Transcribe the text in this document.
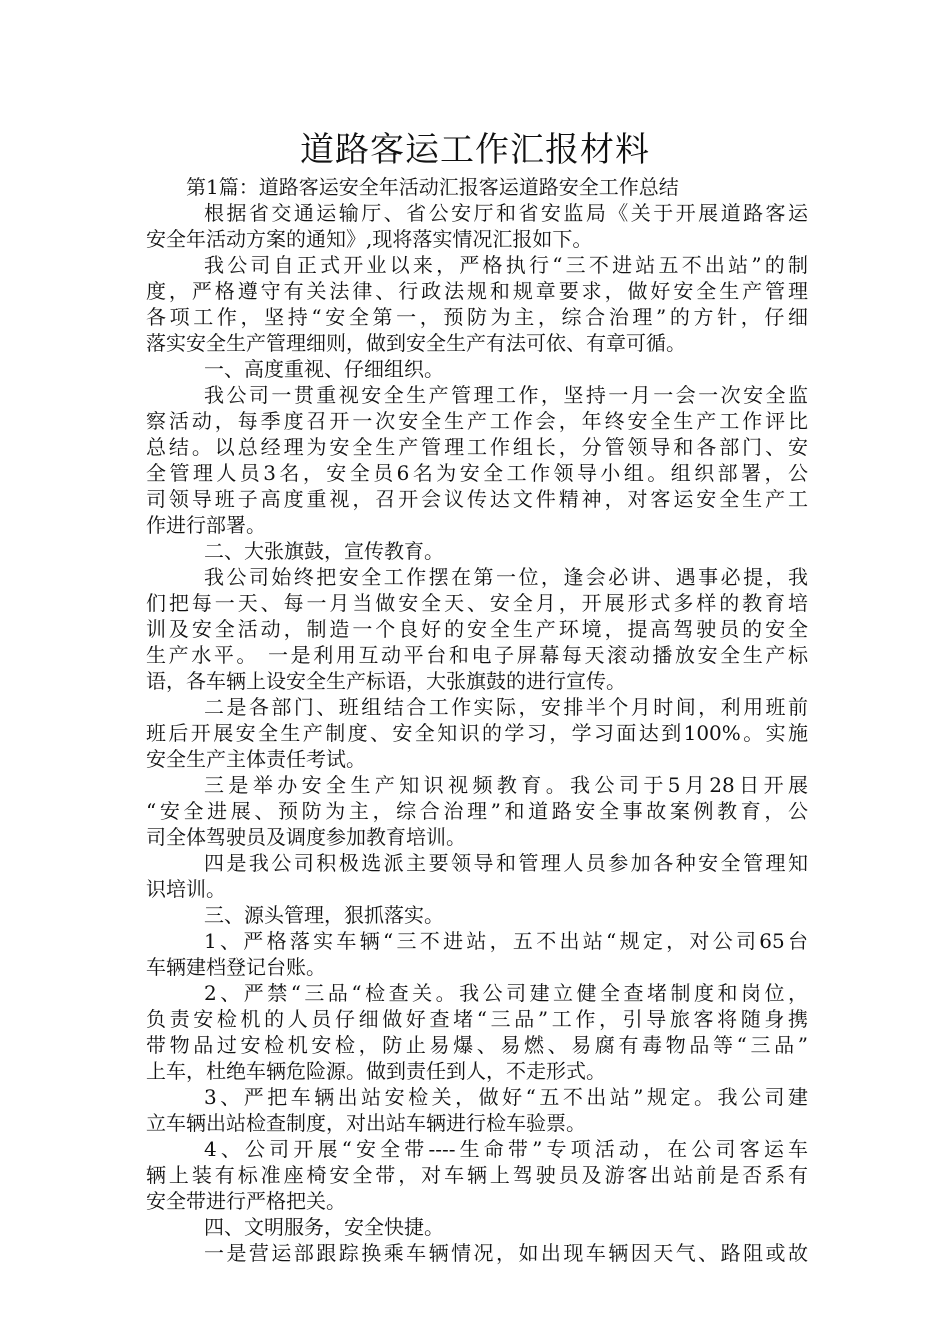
道路客运工作汇报材料
第1篇：道路客运安全年活动汇报客运道路安全工作总结
根据省交通运输厅、省公安厅和省安监局《关于开展道路客运
安全年活动方案的通知》,现将落实情况汇报如下。
我公司自正式开业以来，严格执行“三不进站五不出站”的制
度，严格遵守有关法律、行政法规和规章要求，做好安全生产管理
各项工作，坚持“安全第一，预防为主，综合治理”的方针，仔细
落实安全生产管理细则，做到安全生产有法可依、有章可循。
一、高度重视、仔细组织。
我公司一贯重视安全生产管理工作，坚持一月一会一次安全监
察活动，每季度召开一次安全生产工作会，年终安全生产工作评比
总结。以总经理为安全生产管理工作组长，分管领导和各部门、安
全管理人员3名，安全员6名为安全工作领导小组。组织部署，公
司领导班子高度重视，召开会议传达文件精神，对客运安全生产工
作进行部署。
二、大张旗鼓，宣传教育。
我公司始终把安全工作摆在第一位，逢会必讲、遇事必提，我
们把每一天、每一月当做安全天、安全月，开展形式多样的教育培
训及安全活动，制造一个良好的安全生产环境，提高驾驶员的安全
生产水平。 一是利用互动平台和电子屏幕每天滚动播放安全生产标
语，各车辆上设安全生产标语，大张旗鼓的进行宣传。
二是各部门、班组结合工作实际，安排半个月时间，利用班前
班后开展安全生产制度、安全知识的学习，学习面达到100%。实施
安全生产主体责任考试。
三是举办安全生产知识视频教育。我公司于5月28日开展
“安全进展、预防为主，综合治理”和道路安全事故案例教育，公
司全体驾驶员及调度参加教育培训。
四是我公司积极选派主要领导和管理人员参加各种安全管理知
识培训。
三、源头管理，狠抓落实。
1、严格落实车辆“三不进站，五不出站“规定，对公司65台
车辆建档登记台账。
2、严禁“三品“检查关。我公司建立健全查堵制度和岗位，
负责安检机的人员仔细做好查堵“三品”工作，引导旅客将随身携
带物品过安检机安检，防止易爆、易燃、易腐有毒物品等“三品”
上车，杜绝车辆危险源。做到责任到人，不走形式。
3、严把车辆出站安检关，做好“五不出站”规定。我公司建
立车辆出站检查制度，对出站车辆进行检车验票。
4、公司开展“安全带----生命带”专项活动，在公司客运车
辆上装有标准座椅安全带，对车辆上驾驶员及游客出站前是否系有
安全带进行严格把关。
四、文明服务，安全快捷。
一是营运部跟踪换乘车辆情况，如出现车辆因天气、路阻或故
